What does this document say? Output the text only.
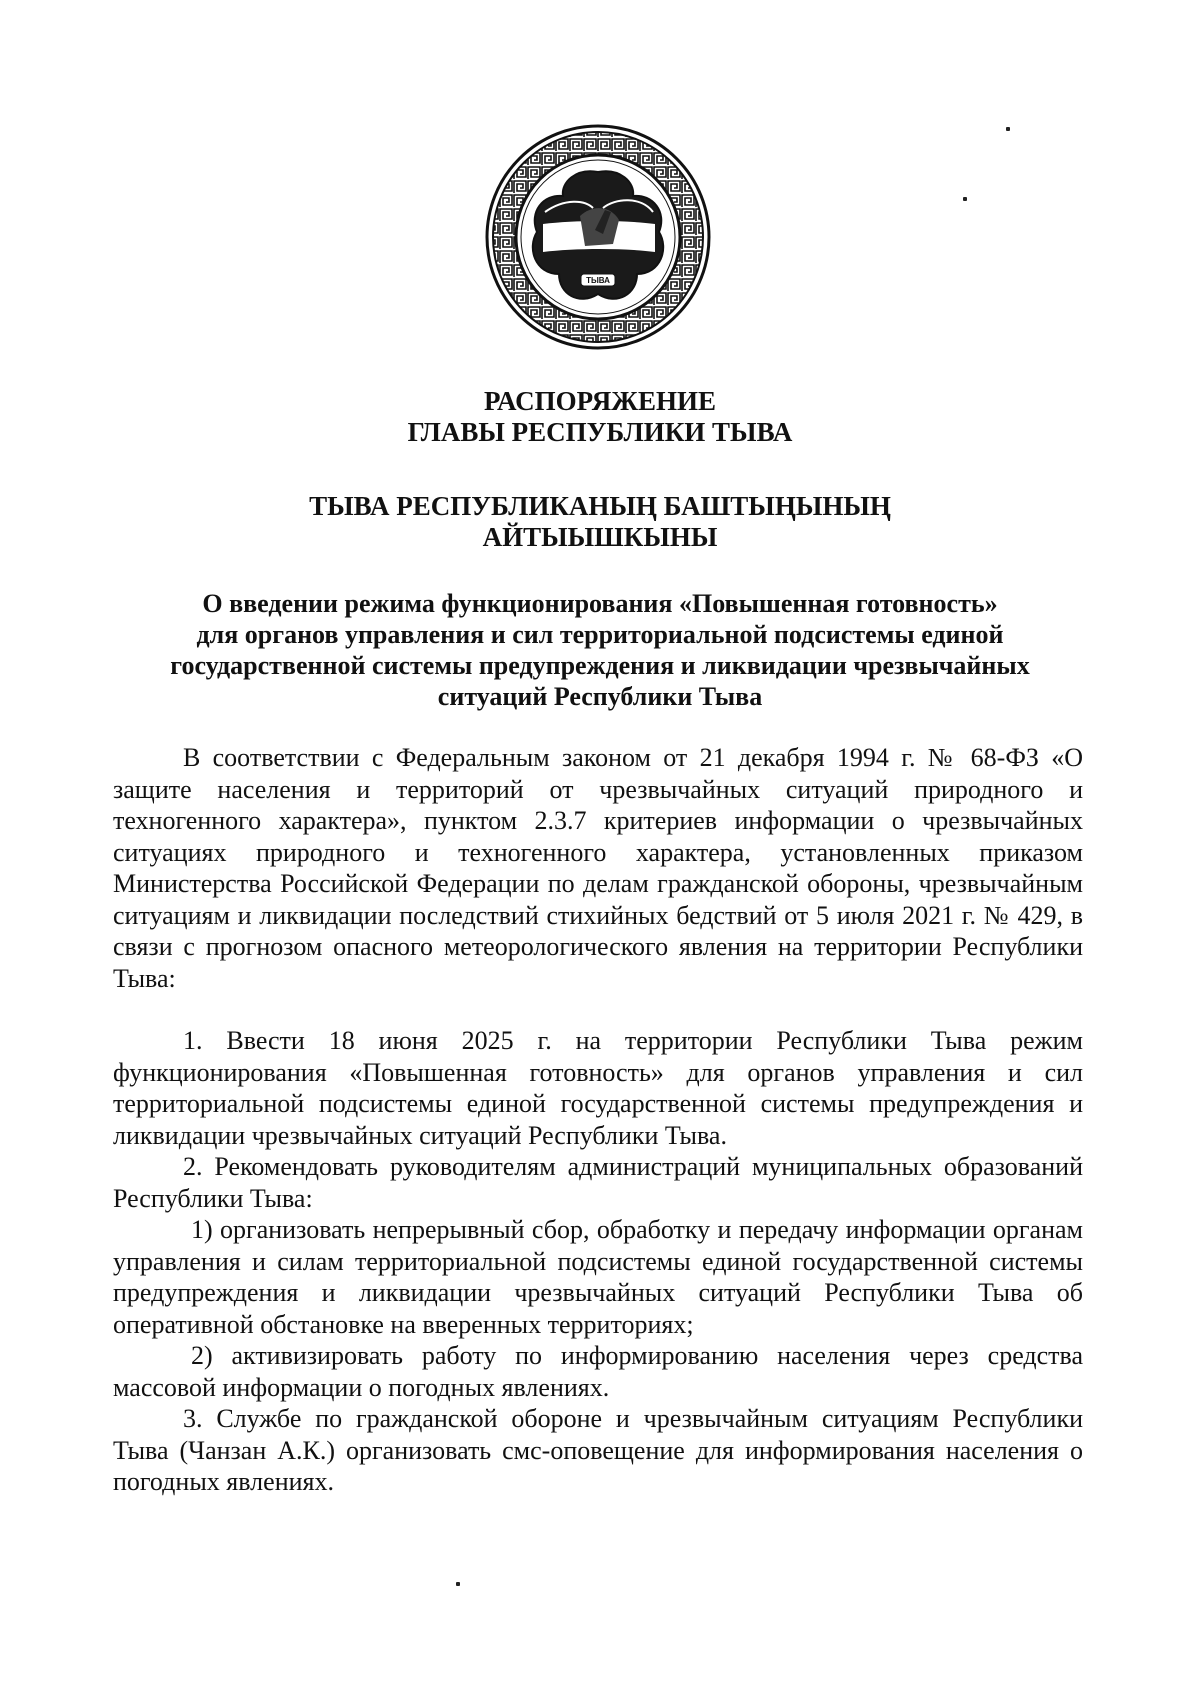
ТЫВА

РАСПОРЯЖЕНИЕ

ГЛАВЫ РЕСПУБЛИКИ ТЫВА

ТЫВА РЕСПУБЛИКАНЫҢ БАШТЫҢЫНЫҢ

АЙТЫЫШКЫНЫ

О введении режима функционирования «Повышенная готовность»

для органов управления и сил территориальной подсистемы единой

государственной системы предупреждения и ликвидации чрезвычайных

ситуаций Республики Тыва

В соответствии с Федеральным законом от 21 декабря 1994 г. № 68-ФЗ «О защите населения и территорий от чрезвычайных ситуаций природного и техногенного характера», пунктом 2.3.7 критериев информации о чрезвычайных ситуациях природного и техногенного характера, установленных приказом Министерства Российской Федерации по делам гражданской обороны, чрезвычайным ситуациям и ликвидации последствий стихийных бедствий от 5 июля 2021 г. № 429, в связи с прогнозом опасного метеорологического явления на территории Республики Тыва:

1. Ввести 18 июня 2025 г. на территории Республики Тыва режим функционирования «Повышенная готовность» для органов управления и сил территориальной подсистемы единой государственной системы предупреждения и ликвидации чрезвычайных ситуаций Республики Тыва.

2. Рекомендовать руководителям администраций муниципальных образований Республики Тыва:

1) организовать непрерывный сбор, обработку и передачу информации органам управления и силам территориальной подсистемы единой государственной системы предупреждения и ликвидации чрезвычайных ситуаций Республики Тыва об оперативной обстановке на вверенных территориях;

2) активизировать работу по информированию населения через средства массовой информации о погодных явлениях.

3. Службе по гражданской обороне и чрезвычайным ситуациям Республики Тыва (Чанзан А.К.) организовать смс-оповещение для информирования населения о погодных явлениях.
